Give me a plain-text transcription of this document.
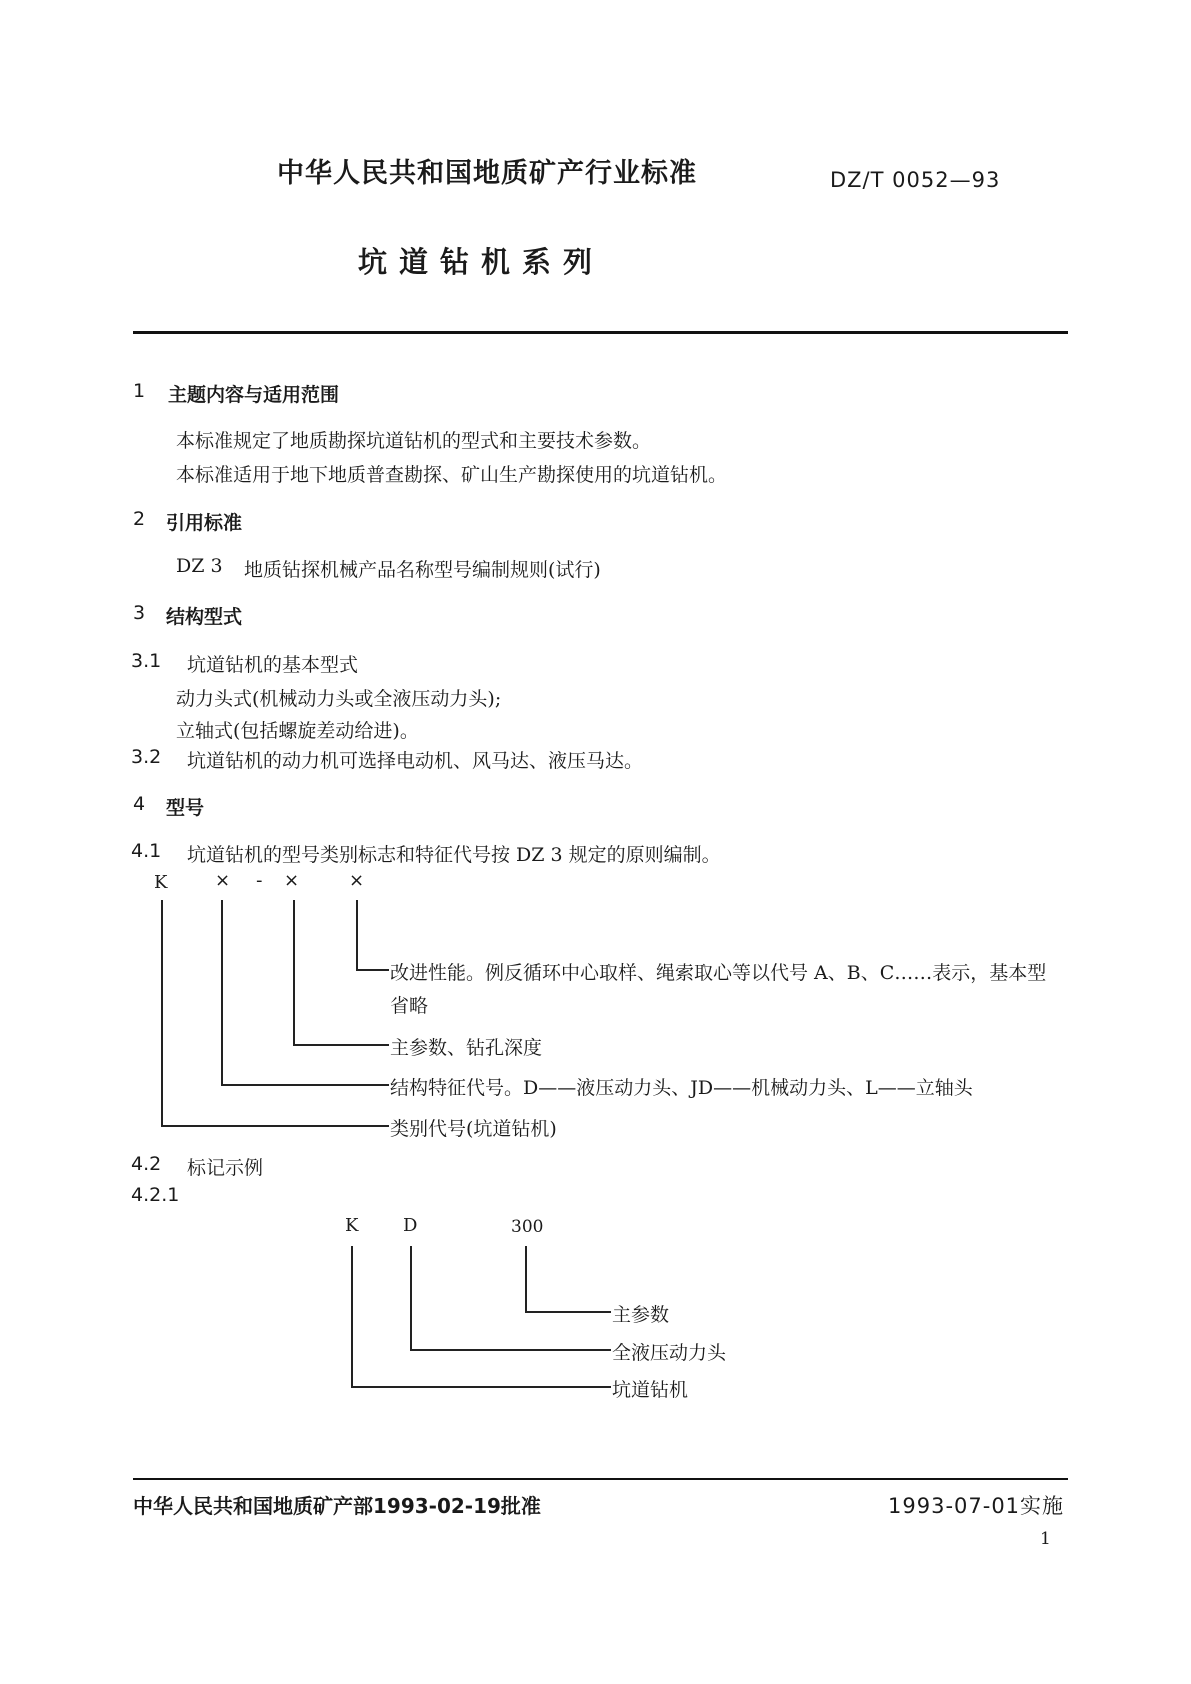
中华人民共和国地质矿产行业标准	DZ/T 0052—93
坑道钻机系列
1 主题内容与适用范围
本标准规定了地质勘探坑道钻机的型式和主要技术参数。
本标准适用于地下地质普查勘探、矿山生产勘探使用的坑道钻机。
2 引用标准
DZ 3 地质钻探机械产品名称型号编制规则(试行)
3 结构型式
3.1 坑道钻机的基本型式
动力头式(机械动力头或全液压动力头);
立轴式(包括螺旋差动给进)。
3.2 坑道钻机的动力机可选择电动机、风马达、液压马达。
4 型号
4.1 坑道钻机的型号类别标志和特征代号按 DZ 3 规定的原则编制。
K	× - ×	×
改进性能。例反循环中心取样、绳索取心等以代号 A、B、C……表示，基本型
省略
主参数、钻孔深度
结构特征代号。D——液压动力头、JD——机械动力头、L——立轴头
类别代号(坑道钻机)
4.2 标记示例
4.2.1
K D	300
主参数
全液压动力头
坑道钻机
中华人民共和国地质矿产部1993-02-19批准	1993-07-01实施
1
